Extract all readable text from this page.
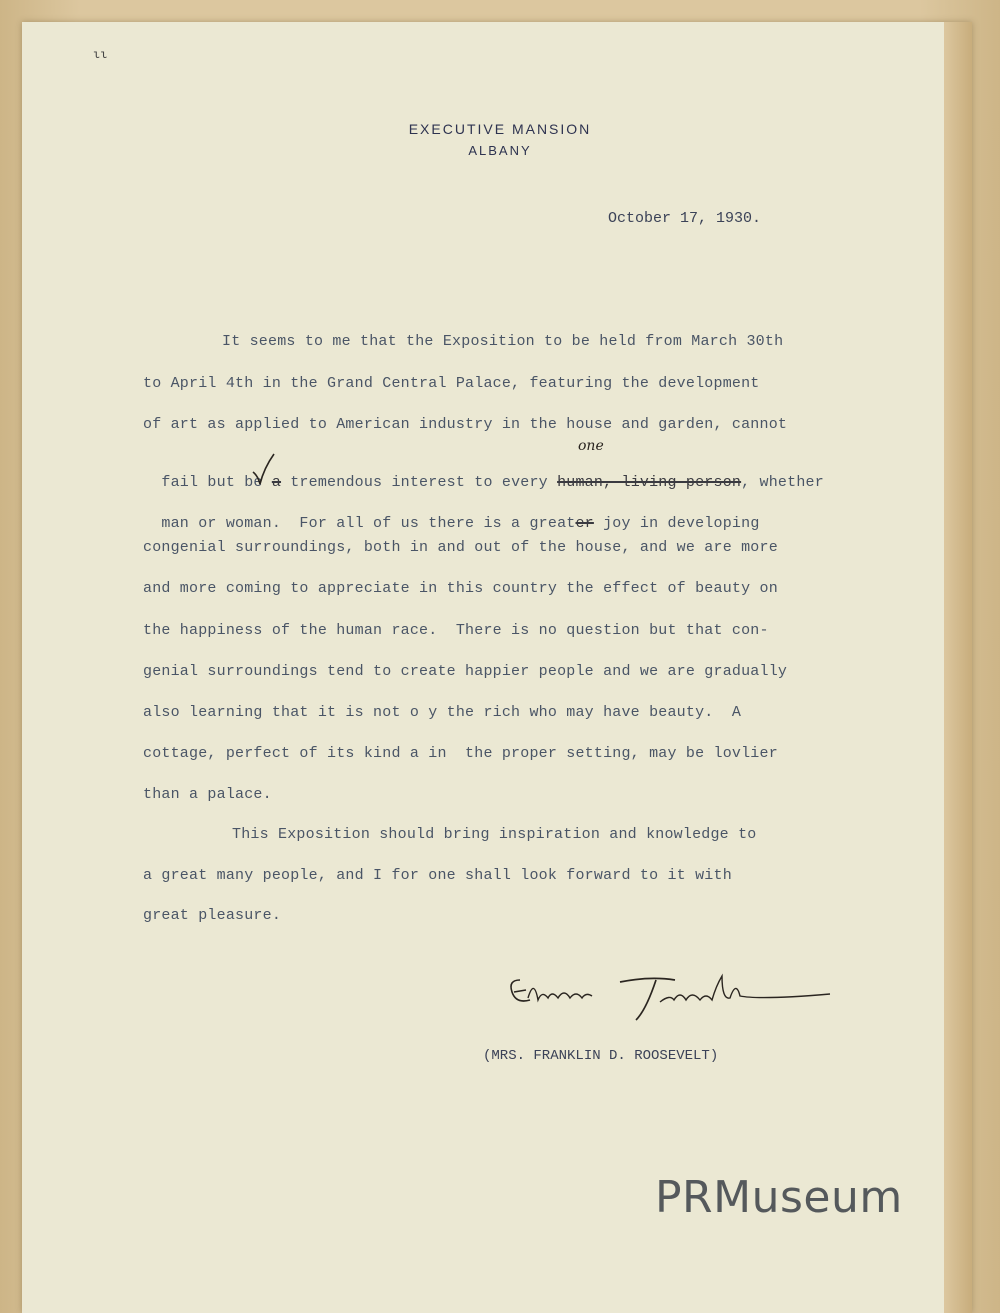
ιι
EXECUTIVE MANSION
ALBANY
October 17, 1930.
It seems to me that the Exposition to be held from March 30th
to April 4th in the Grand Central Palace, featuring the development
of art as applied to American industry in the house and garden, cannot

fail but be a tremendous interest to every human, living person, whether

one

man or woman.  For all of us there is a greater joy in developing

congenial surroundings, both in and out of the house, and we are more
and more coming to appreciate in this country the effect of beauty on
the happiness of the human race.  There is no question but that con-
genial surroundings tend to create happier people and we are gradually
also learning that it is not o y the rich who may have beauty.  A
cottage, perfect of its kind a in  the proper setting, may be lovlier
than a palace.
This Exposition should bring inspiration and knowledge to
a great many people, and I for one shall look forward to it with
great pleasure.
(MRS. FRANKLIN D. ROOSEVELT)
PRMuseum
